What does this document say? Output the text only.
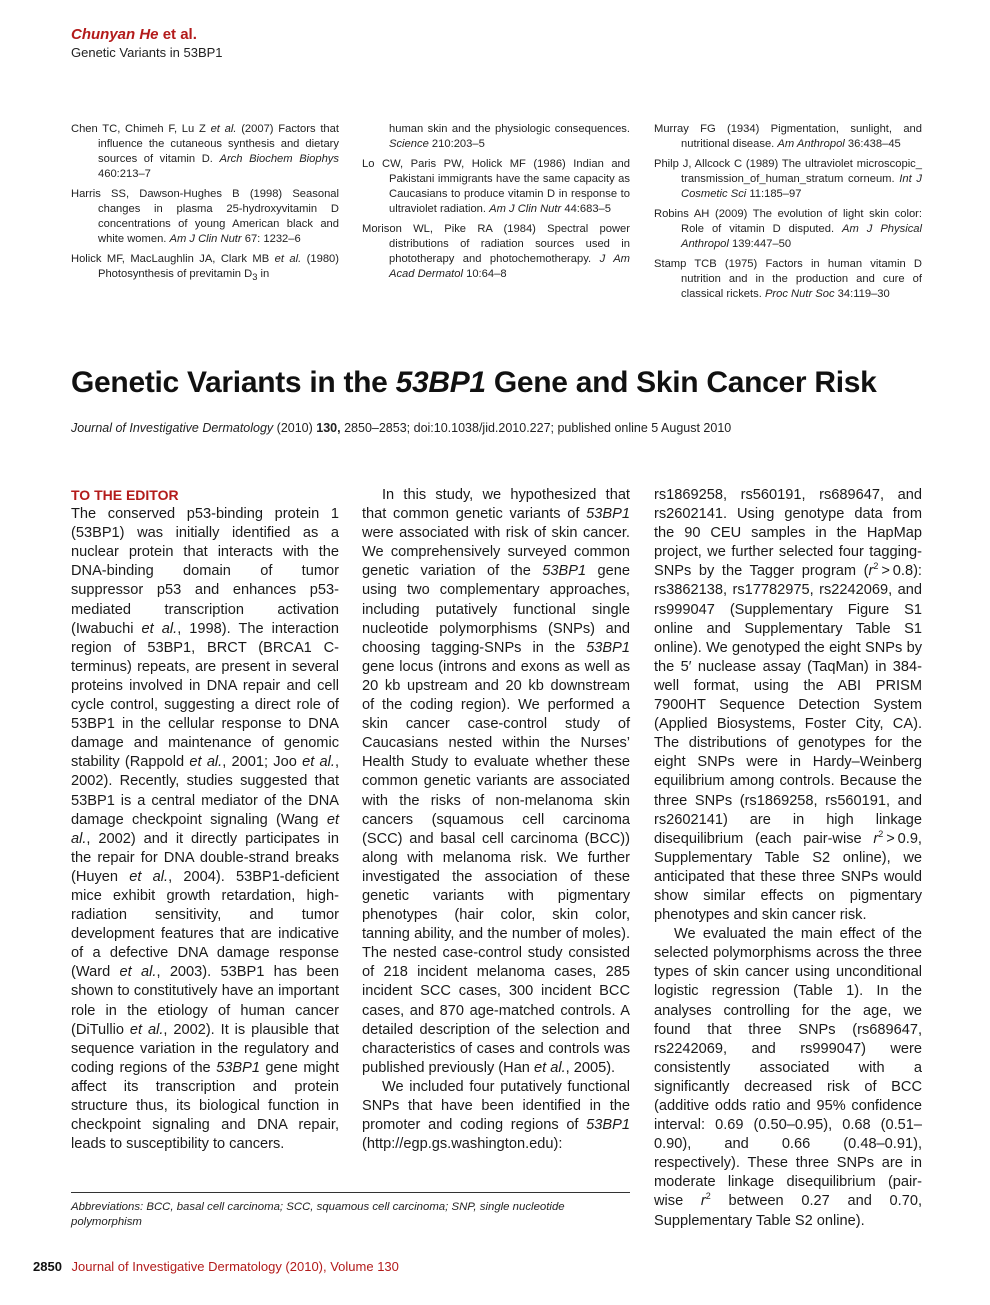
Chunyan He et al.
Genetic Variants in 53BP1
Chen TC, Chimeh F, Lu Z et al. (2007) Factors that influence the cutaneous synthesis and dietary sources of vitamin D. Arch Biochem Biophys 460:213–7
Harris SS, Dawson-Hughes B (1998) Seasonal changes in plasma 25-hydroxyvitamin D concentrations of young American black and white women. Am J Clin Nutr 67: 1232–6
Holick MF, MacLaughlin JA, Clark MB et al. (1980) Photosynthesis of previtamin $D_3$ in
human skin and the physiologic consequences. Science 210:203–5
Lo CW, Paris PW, Holick MF (1986) Indian and Pakistani immigrants have the same capacity as Caucasians to produce vitamin D in response to ultraviolet radiation. Am J Clin Nutr 44:683–5
Morison WL, Pike RA (1984) Spectral power distributions of radiation sources used in phototherapy and photochemotherapy. J Am Acad Dermatol 10:64–8
Murray FG (1934) Pigmentation, sunlight, and nutritional disease. Am Anthropol 36:438–45
Philp J, Allcock C (1989) The ultraviolet microscopic_ transmission_of_human_stratum corneum. Int J Cosmetic Sci 11:185–97
Robins AH (2009) The evolution of light skin color: Role of vitamin D disputed. Am J Physical Anthropol 139:447–50
Stamp TCB (1975) Factors in human vitamin D nutrition and in the production and cure of classical rickets. Proc Nutr Soc 34:119–30
Genetic Variants in the 53BP1 Gene and Skin Cancer Risk
Journal of Investigative Dermatology (2010) 130, 2850–2853; doi:10.1038/jid.2010.227; published online 5 August 2010
TO THE EDITOR

The conserved p53-binding protein 1 (53BP1) was initially identified as a nuclear protein that interacts with the DNA-binding domain of tumor suppressor p53 and enhances p53-mediated transcription activation (Iwabuchi et al., 1998). The interaction region of 53BP1, BRCT (BRCA1 C-terminus) repeats, are present in several proteins involved in DNA repair and cell cycle control, suggesting a direct role of 53BP1 in the cellular response to DNA damage and maintenance of genomic stability (Rappold et al., 2001; Joo et al., 2002). Recently, studies suggested that 53BP1 is a central mediator of the DNA damage checkpoint signaling (Wang et al., 2002) and it directly participates in the repair for DNA double-strand breaks (Huyen et al., 2004). 53BP1-deficient mice exhibit growth retardation, high-radiation sensitivity, and tumor development features that are indicative of a defective DNA damage response (Ward et al., 2003). 53BP1 has been shown to constitutively have an important role in the etiology of human cancer (DiTullio et al., 2002). It is plausible that sequence variation in the regulatory and coding regions of the 53BP1 gene might affect its transcription and protein structure thus, its biological function in checkpoint signaling and DNA repair, leads to susceptibility to cancers.

In this study, we hypothesized that that common genetic variants of 53BP1 were associated with risk of skin cancer. We comprehensively surveyed common genetic variation of the 53BP1 gene using two complementary approaches, including putatively functional single nucleotide polymorphisms (SNPs) and choosing tagging-SNPs in the 53BP1 gene locus (introns and exons as well as 20 kb upstream and 20 kb downstream of the coding region). We performed a skin cancer case-control study of Caucasians nested within the Nurses’ Health Study to evaluate whether these common genetic variants are associated with the risks of non-melanoma skin cancers (squamous cell carcinoma (SCC) and basal cell carcinoma (BCC)) along with melanoma risk. We further investigated the association of these genetic variants with pigmentary phenotypes (hair color, skin color, tanning ability, and the number of moles). The nested case-control study consisted of 218 incident melanoma cases, 285 incident SCC cases, 300 incident BCC cases, and 870 age-matched controls. A detailed description of the selection and characteristics of cases and controls was published previously (Han et al., 2005).

We included four putatively functional SNPs that have been identified in the promoter and coding regions of 53BP1 (http://egp.gs.washington.edu):

rs1869258, rs560191, rs689647, and rs2602141. Using genotype data from the 90 CEU samples in the HapMap project, we further selected four tagging-SNPs by the Tagger program $(r^2 > 0.8)$: rs3862138, rs17782975, rs2242069, and rs999047 (Supplementary Figure S1 online and Supplementary Table S1 online). We genotyped the eight SNPs by the 5′ nuclease assay (TaqMan) in 384-well format, using the ABI PRISM 7900HT Sequence Detection System (Applied Biosystems, Foster City, CA). The distributions of genotypes for the eight SNPs were in Hardy–Weinberg equilibrium among controls. Because the three SNPs (rs1869258, rs560191, and rs2602141) are in high linkage disequilibrium (each pair-wise $r^2 > 0.9$, Supplementary Table S2 online), we anticipated that these three SNPs would show similar effects on pigmentary phenotypes and skin cancer risk.

We evaluated the main effect of the selected polymorphisms across the three types of skin cancer using unconditional logistic regression (Table 1). In the analyses controlling for the age, we found that three SNPs (rs689647, rs2242069, and rs999047) were consistently associated with a significantly decreased risk of BCC (additive odds ratio and 95% confidence interval: 0.69 (0.50–0.95), 0.68 (0.51–0.90), and 0.66 (0.48–0.91), respectively). These three SNPs are in moderate linkage disequilibrium (pair-wise $r^2$ between 0.27 and 0.70, Supplementary Table S2 online).

Abbreviations: BCC, basal cell carcinoma; SCC, squamous cell carcinoma; SNP, single nucleotide polymorphism
2850 Journal of Investigative Dermatology (2010), Volume 130
